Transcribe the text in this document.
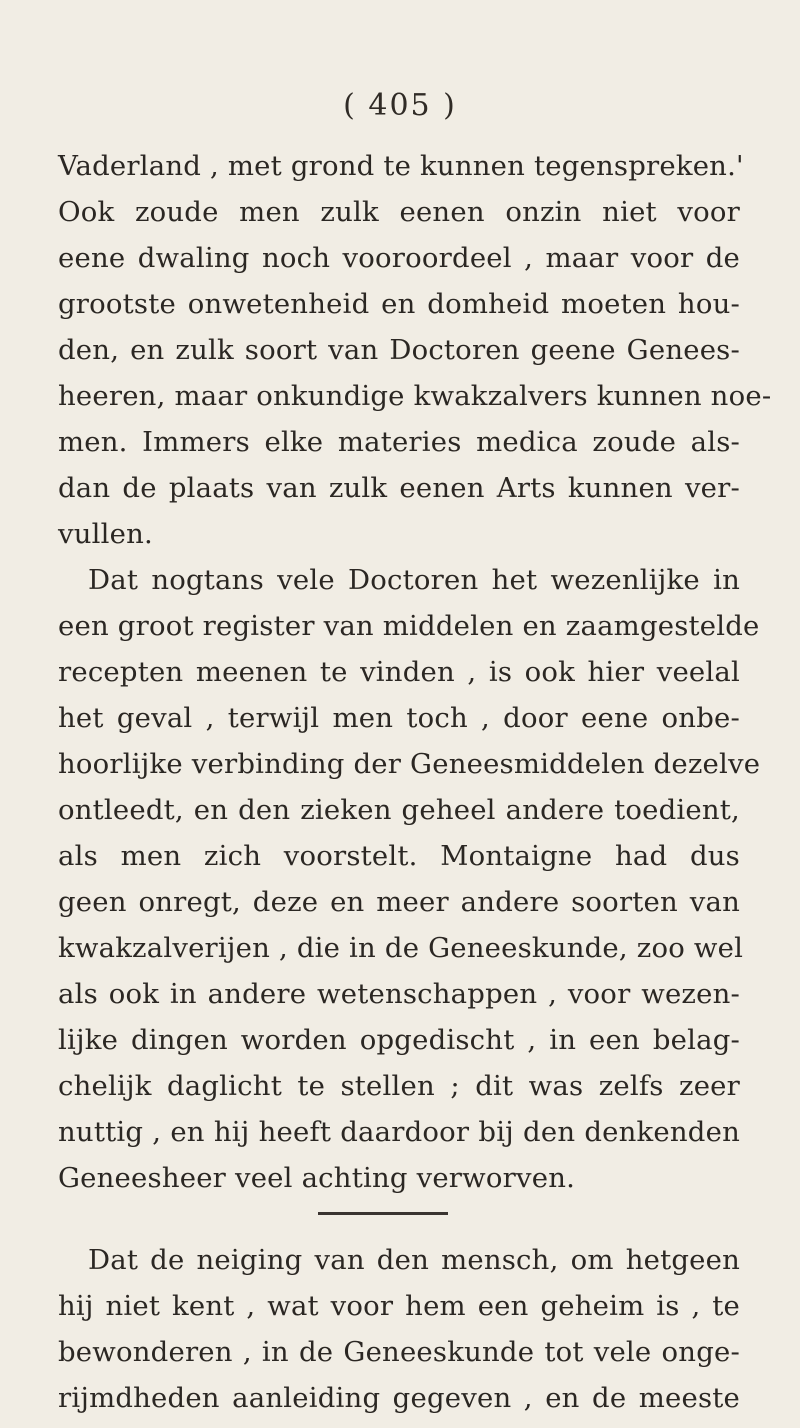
( 405 )
Vaderland , met grond te kunnen tegenspreken.'
Ook zoude men zulk eenen onzin niet voor
eene dwaling noch vooroordeel , maar voor de
grootste onwetenheid en domheid moeten hou-
den, en zulk soort van Doctoren geene Genees-
heeren, maar onkundige kwakzalvers kunnen noe-
men. Immers elke materies medica zoude als-
dan de plaats van zulk eenen Arts kunnen ver-
vullen.
Dat nogtans vele Doctoren het wezenlijke in
een groot register van middelen en zaamgestelde
recepten meenen te vinden , is ook hier veelal
het geval , terwijl men toch , door eene onbe-
hoorlijke verbinding der Geneesmiddelen dezelve
ontleedt, en den zieken geheel andere toedient,
als men zich voorstelt. Montaigne had dus
geen onregt, deze en meer andere soorten van
kwakzalverijen , die in de Geneeskunde, zoo wel
als ook in andere wetenschappen , voor wezen-
lijke dingen worden opgedischt , in een belag-
chelijk daglicht te stellen ; dit was zelfs zeer
nuttig , en hij heeft daardoor bij den denkenden
Geneesheer veel achting verworven.
Dat de neiging van den mensch, om hetgeen
hij niet kent , wat voor hem een geheim is , te
rijmdheden aanleiding gegeven , en de meeste
bewonderen , in de Geneeskunde tot vele onge-
